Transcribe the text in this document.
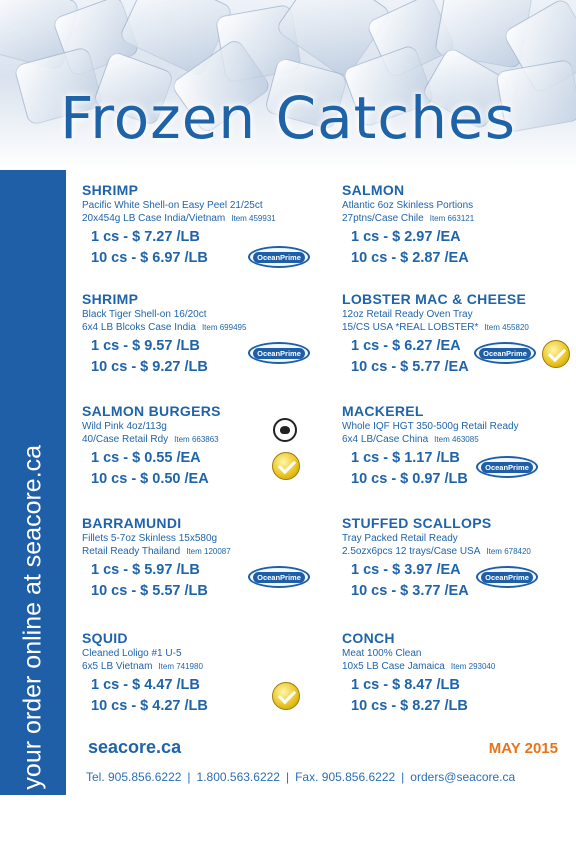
Frozen Catches
Place your order online at seacore.ca
SHRIMP
Pacific White Shell-on Easy Peel 21/25ct
20x454g LB Case India/Vietnam Item 459931
1 cs - $ 7.27 /LB
10 cs - $ 6.97 /LB	OceanPrime
SHRIMP
Black Tiger Shell-on 16/20ct
6x4 LB Blcoks Case India Item 699495
1 cs - $ 9.57 /LB
10 cs - $ 9.27 /LB
OceanPrime
SALMON BURGERS
Wild Pink 4oz/113g
40/Case Retail Rdy Item 663863
1 cs - $ 0.55 /EA
10 cs - $ 0.50 /EA
BARRAMUNDI
Fillets 5-7oz Skinless 15x580g
Retail Ready Thailand Item 120087
1 cs - $ 5.97 /LB
10 cs - $ 5.57 /LB
OceanPrime
SQUID
Cleaned Loligo #1 U-5
6x5 LB Vietnam Item 741980
1 cs - $ 4.47 /LB
10 cs - $ 4.27 /LB
SALMON
Atlantic 6oz Skinless Portions
27ptns/Case Chile Item 663121
1 cs - $ 2.97 /EA
10 cs - $ 2.87 /EA
LOBSTER MAC & CHEESE
12oz Retail Ready Oven Tray
15/CS USA *REAL LOBSTER* Item 455820
1 cs - $ 6.27 /EA
10 cs - $ 5.77 /EA
OceanPrime
MACKEREL
Whole IQF HGT 350-500g Retail Ready
6x4 LB/Case China Item 463085
1 cs - $ 1.17 /LB
10 cs - $ 0.97 /LB
OceanPrime
STUFFED SCALLOPS
Tray Packed Retail Ready
2.5ozx6pcs 12 trays/Case USA Item 678420
1 cs - $ 3.97 /EA
10 cs - $ 3.77 /EA
OceanPrime
CONCH
Meat 100% Clean
10x5 LB Case Jamaica Item 293040
1 cs - $ 8.47 /LB
10 cs - $ 8.27 /LB
seacore.ca	MAY 2015
Tel. 905.856.6222 | 1.800.563.6222 | Fax. 905.856.6222 | orders@seacore.ca
